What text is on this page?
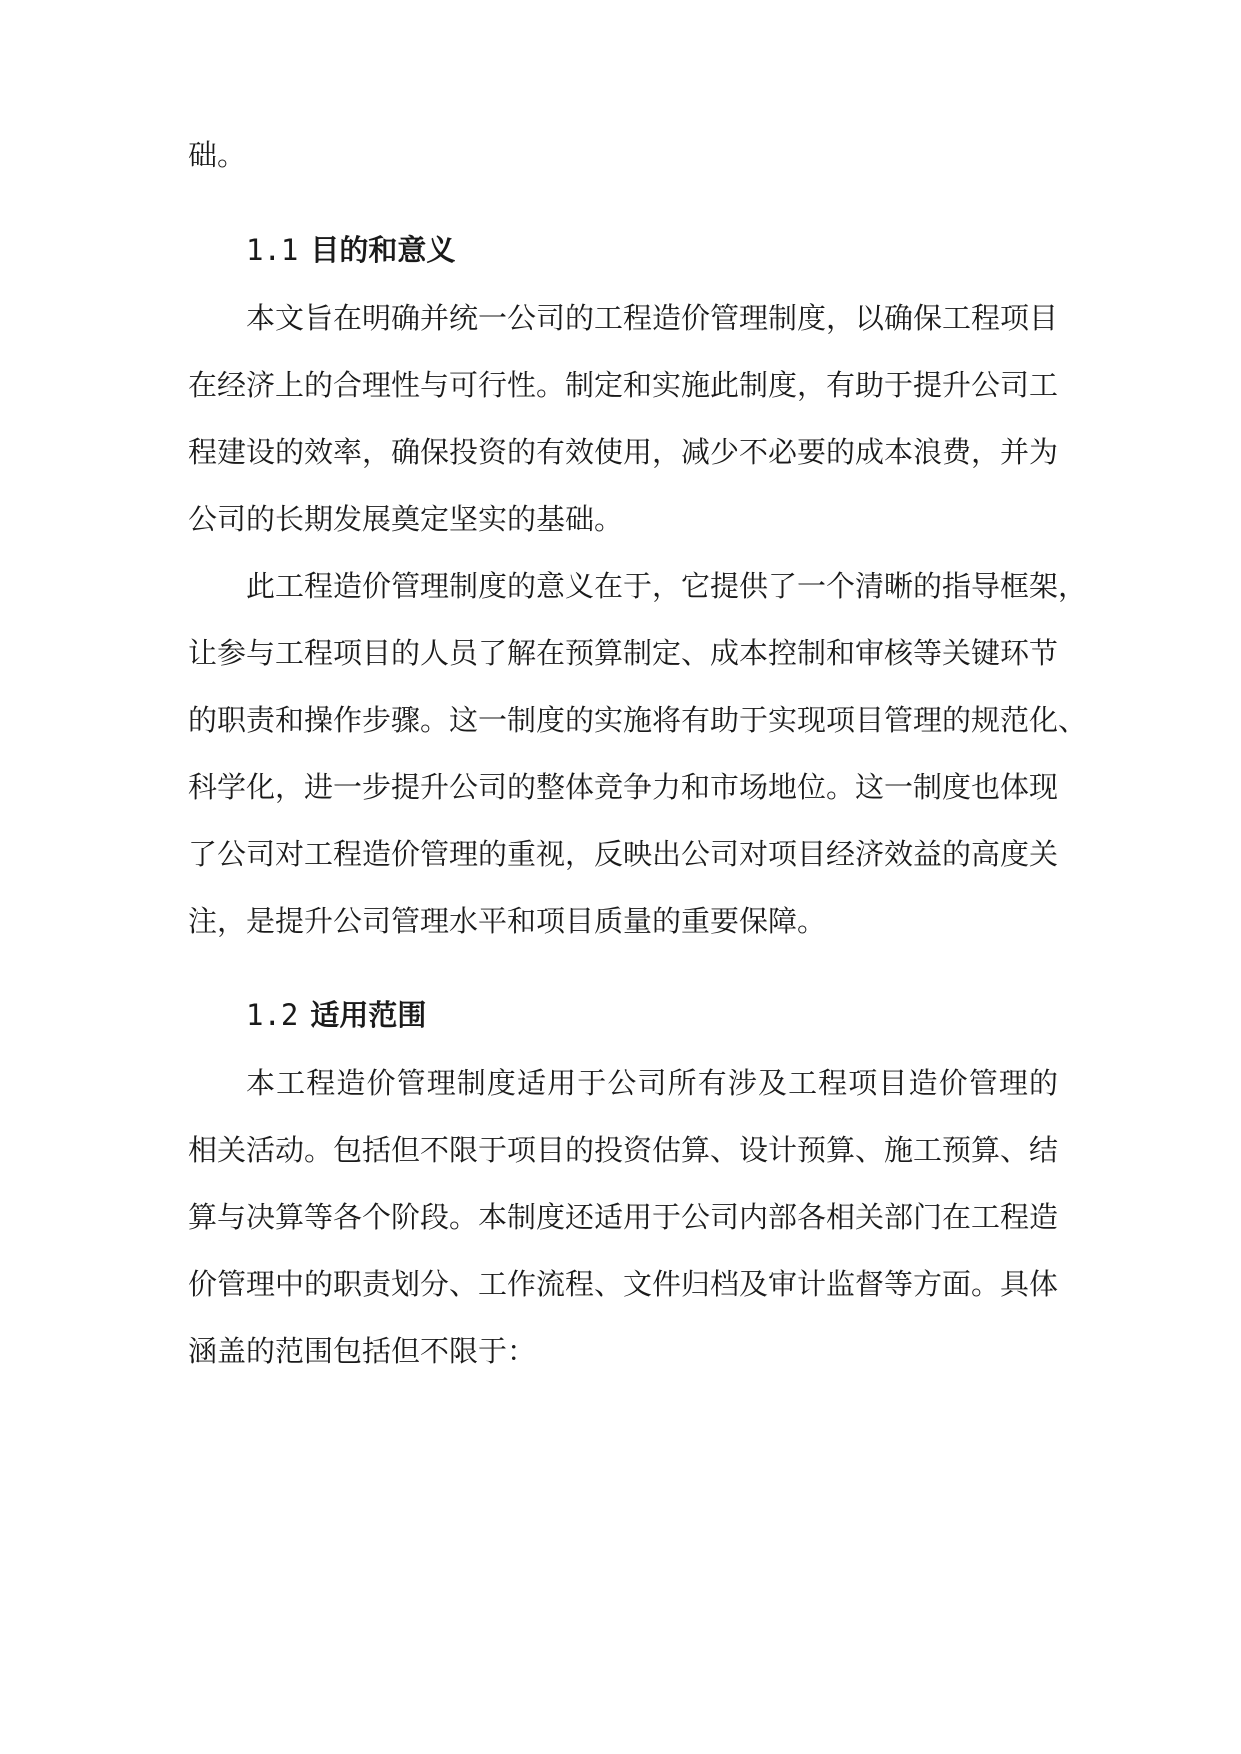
础。
1.1 目的和意义
本文旨在明确并统一公司的工程造价管理制度，以确保工程项目
在经济上的合理性与可行性。制定和实施此制度，有助于提升公司工
程建设的效率，确保投资的有效使用，减少不必要的成本浪费，并为
公司的长期发展奠定坚实的基础。
此工程造价管理制度的意义在于，它提供了一个清晰的指导框架，
让参与工程项目的人员了解在预算制定、成本控制和审核等关键环节
的职责和操作步骤。这一制度的实施将有助于实现项目管理的规范化、
科学化，进一步提升公司的整体竞争力和市场地位。这一制度也体现
了公司对工程造价管理的重视，反映出公司对项目经济效益的高度关
注，是提升公司管理水平和项目质量的重要保障。
1.2 适用范围
本工程造价管理制度适用于公司所有涉及工程项目造价管理的
相关活动。包括但不限于项目的投资估算、设计预算、施工预算、结
算与决算等各个阶段。本制度还适用于公司内部各相关部门在工程造
价管理中的职责划分、工作流程、文件归档及审计监督等方面。具体
涵盖的范围包括但不限于：
